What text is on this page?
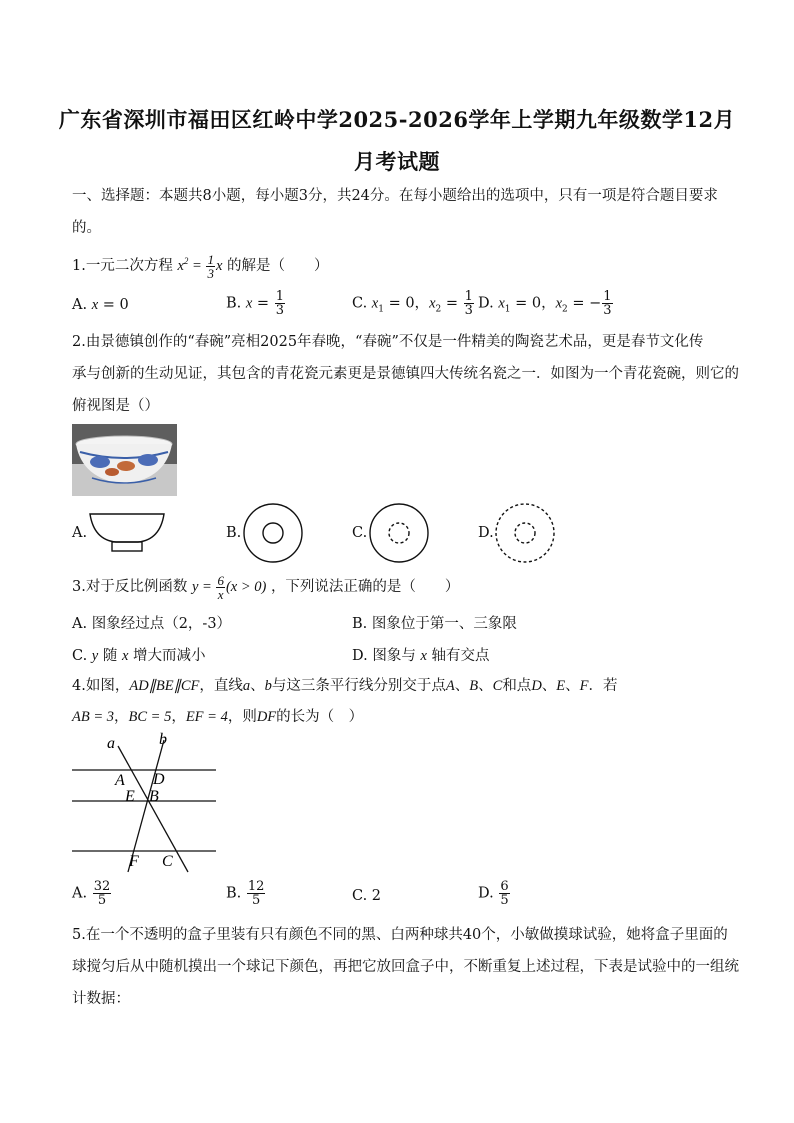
广东省深圳市福田区红岭中学2025-2026学年上学期九年级数学12月
月考试题
一、选择题：本题共8小题，每小题3分，共24分。在每小题给出的选项中，只有一项是符合题目要求
的。
1.一元二次方程 $x^2 = \frac{1}{3}$ x 的解是（　　）
A. x = 0	B. $x = \frac{1}{3}$	C. $x_1 = 0$，$x_2 = \frac{1}{3} D$. $x_1 = 0$，$x_2$ = − $\frac{1}{3}$
2.由景德镇创作的“春碗”亮相2025年春晚，“春碗”不仅是一件精美的陶瓷艺术品，更是春节文化传
承与创新的生动见证，其包含的青花瓷元素更是景德镇四大传统名瓷之一．如图为一个青花瓷碗，则它的
俯视图是（）
A.	B.	C.	D.
3.对于反比例函数 $y = \frac{6}{x} (x > 0)$ ，下列说法正确的是（　　）
A. 图象经过点（2，-3）	B. 图象位于第一、三象限
C. y 随 x 增大而减小	D. 图象与 x 轴有交点
4.如图，AD∥BE∥CF，直线a、b与这三条平行线分别交于点A、B、C和点D、E、F．若
AB = 3，BC = 5，EF = 4，则DF的长为（　）
a	b
A D
E B
F C
A. $\frac{32}{5}$	B. $\frac{12}{5}$	C. 2	D. $\frac{6}{5}$
5.在一个不透明的盒子里装有只有颜色不同的黑、白两种球共40个，小敏做摸球试验，她将盒子里面的
球搅匀后从中随机摸出一个球记下颜色，再把它放回盒子中，不断重复上述过程，下表是试验中的一组统
计数据：
